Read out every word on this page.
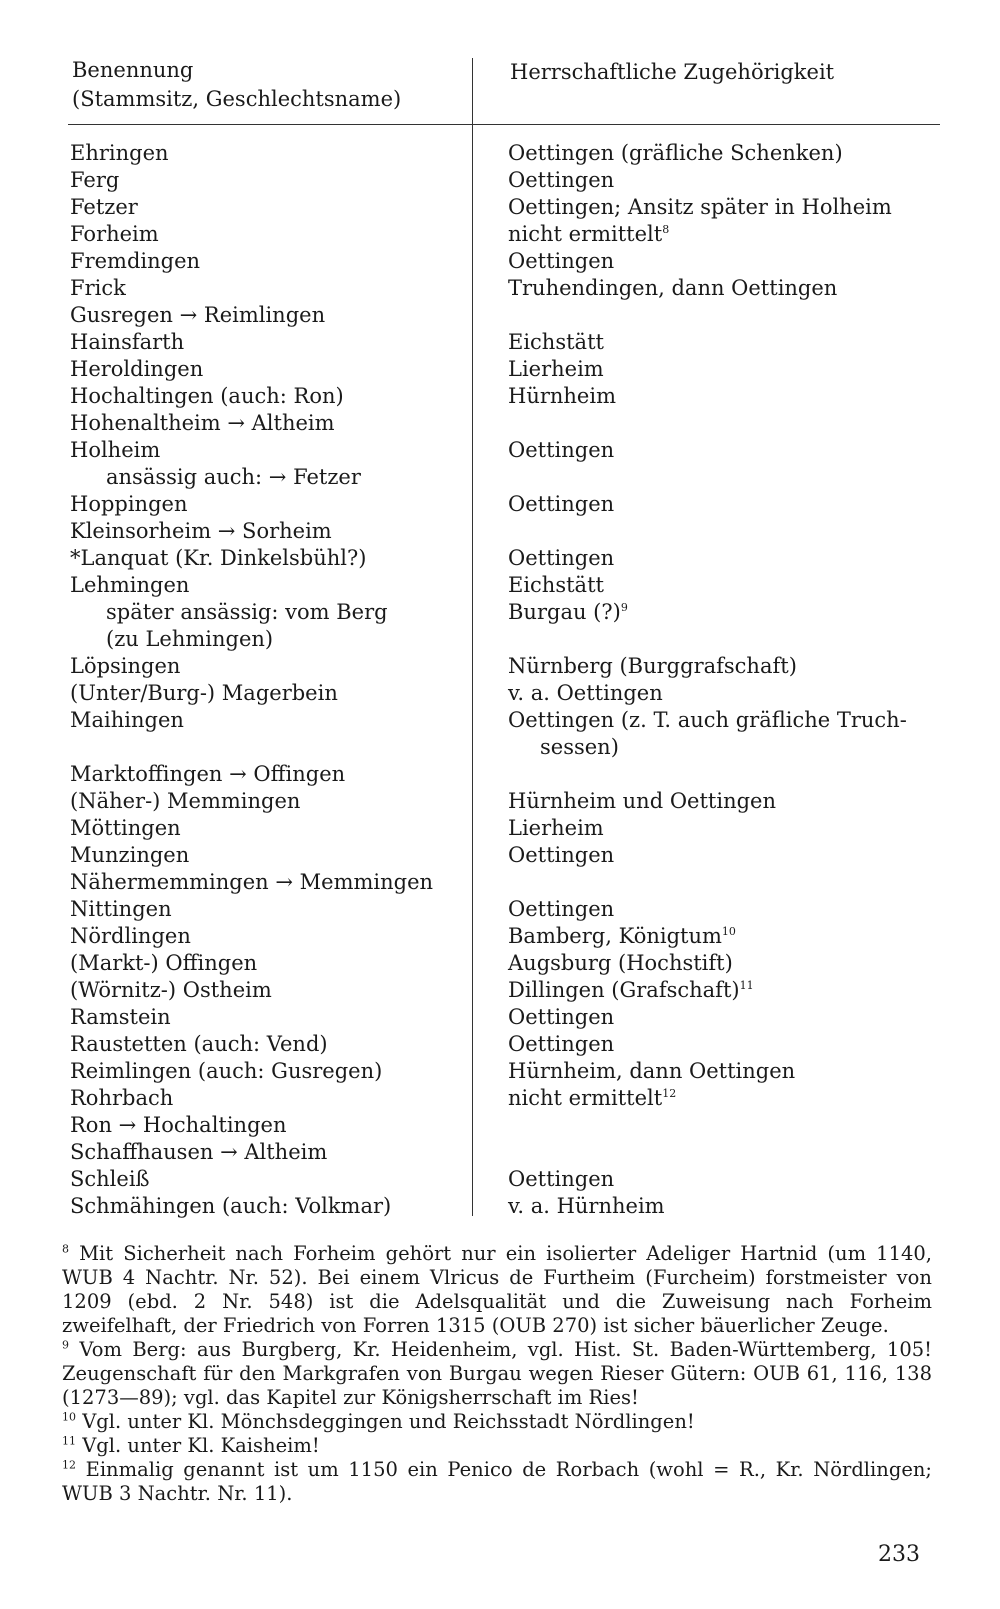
Benennung
(Stammsitz, Geschlechtsname)
Herrschaftliche Zugehörigkeit
Ehringen
Ferg
Fetzer
Forheim
Fremdingen
Frick
Gusregen → Reimlingen
Hainsfarth
Heroldingen
Hochaltingen (auch: Ron)
Hohenaltheim → Altheim
Holheim
ansässig auch: → Fetzer
Hoppingen
Kleinsorheim → Sorheim
*Lanquat (Kr. Dinkelsbühl?)
Lehmingen
später ansässig: vom Berg
(zu Lehmingen)
Löpsingen
(Unter/Burg-) Magerbein
Maihingen
Marktoffingen → Offingen
(Näher-) Memmingen
Möttingen
Munzingen
Nähermemmingen → Memmingen
Nittingen
Nördlingen
(Markt-) Offingen
(Wörnitz-) Ostheim
Ramstein
Raustetten (auch: Vend)
Reimlingen (auch: Gusregen)
Rohrbach
Ron → Hochaltingen
Schaffhausen → Altheim
Schleiß
Schmähingen (auch: Volkmar)
Oettingen (gräfliche Schenken)
Oettingen
Oettingen; Ansitz später in Holheim
nicht ermittelt$^8$
Oettingen
Truhendingen, dann Oettingen
Eichstätt
Lierheim
Hürnheim
Oettingen
Oettingen
Oettingen
Eichstätt
Burgau (?)$^9$
Nürnberg (Burggrafschaft)
v. a. Oettingen
Oettingen (z. T. auch gräfliche Truch-
sessen)
Hürnheim und Oettingen
Lierheim
Oettingen
Oettingen
Bamberg, Königtum$^{10}$
Augsburg (Hochstift)
Dillingen (Grafschaft)$^{11}$
Oettingen
Oettingen
Hürnheim, dann Oettingen
nicht ermittelt$^{12}$
Oettingen
v. a. Hürnheim

$^8$ Mit Sicherheit nach Forheim gehört nur ein isolierter Adeliger Hartnid (um 1140, WUB 4 Nachtr. Nr. 52). Bei einem Vlricus de Furtheim (Furcheim) forstmeister von 1209 (ebd. 2 Nr. 548) ist die Adelsqualität und die Zuweisung nach Forheim zweifelhaft, der Friedrich von Forren 1315 (OUB 270) ist sicher bäuerlicher Zeuge.

$^9$ Vom Berg: aus Burgberg, Kr. Heidenheim, vgl. Hist. St. Baden-Württemberg, 105! Zeugenschaft für den Markgrafen von Burgau wegen Rieser Gütern: OUB 61, 116, 138 (1273—89); vgl. das Kapitel zur Königsherrschaft im Ries!

$^{10}$ Vgl. unter Kl. Mönchsdeggingen und Reichsstadt Nördlingen!

$^{11}$ Vgl. unter Kl. Kaisheim!

$^{12}$ Einmalig genannt ist um 1150 ein Penico de Rorbach (wohl = R., Kr. Nördlingen; WUB 3 Nachtr. Nr. 11).

233
